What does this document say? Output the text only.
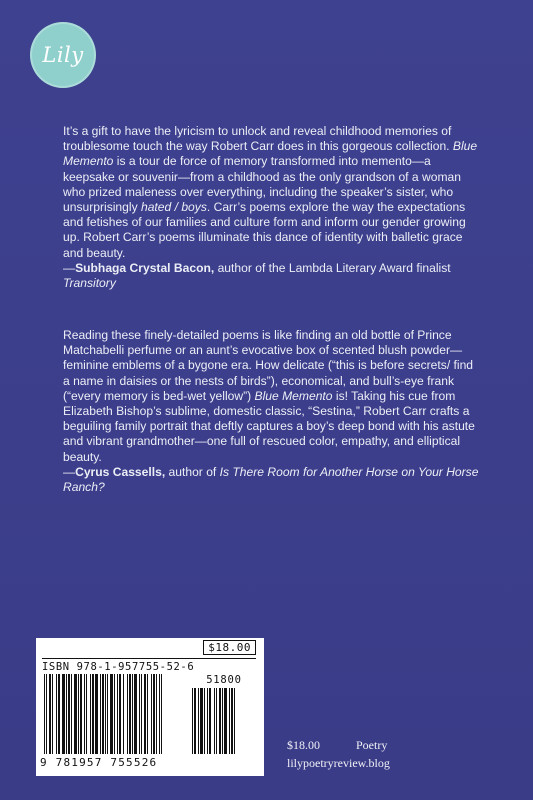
Lily

It’s a gift to have the lyricism to unlock and reveal childhood memories of troublesome touch the way Robert Carr does in this gorgeous collection. Blue Memento is a tour de force of memory transformed into memento—a keepsake or souvenir—from a childhood as the only grandson of a woman who prized maleness over everything, including the speaker’s sister, who unsurprisingly hated / boys. Carr’s poems explore the way the expectations and fetishes of our families and culture form and inform our gender growing up. Robert Carr’s poems illuminate this dance of identity with balletic grace and beauty.

—Subhaga Crystal Bacon, author of the Lambda Literary Award finalist Transitory

Reading these finely-detailed poems is like finding an old bottle of Prince Matchabelli perfume or an aunt’s evocative box of scented blush powder—feminine emblems of a bygone era. How delicate (“this is before secrets/ find a name in daisies or the nests of birds”), economical, and bull’s-eye frank (“every memory is bed-wet yellow”) Blue Memento is! Taking his cue from Elizabeth Bishop’s sublime, domestic classic, “Sestina,” Robert Carr crafts a beguiling family portrait that deftly captures a boy’s deep bond with his astute and vibrant grandmother—one full of rescued color, empathy, and elliptical beauty.

—Cyrus Cassells, author of Is There Room for Another Horse on Your Horse Ranch?

$18.00
ISBN 978-1-957755-52-6
51800
9 781957 755526
$18.00	Poetry
lilypoetryreview.blog
